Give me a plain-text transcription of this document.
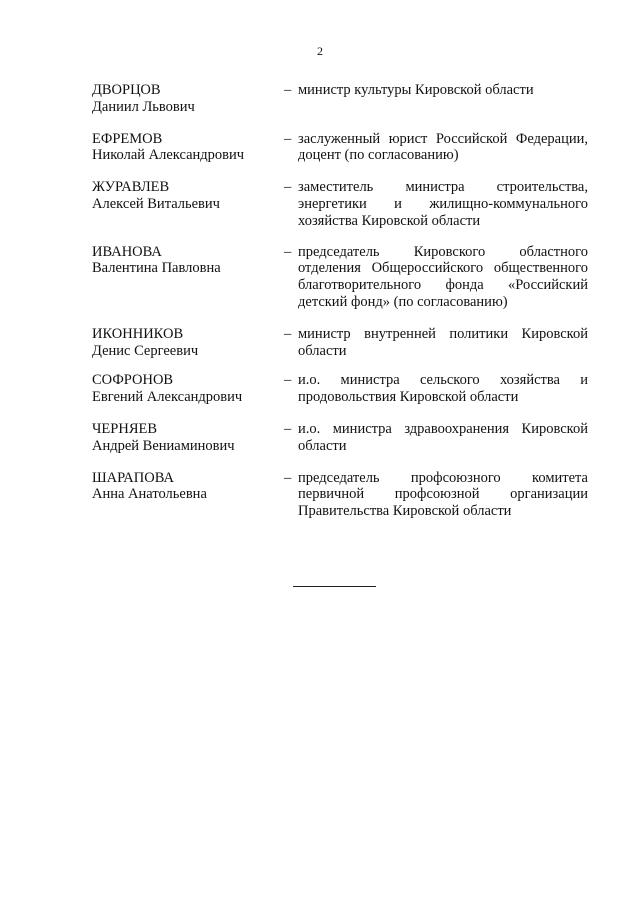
2
ДВОРЦОВ
Даниил Львович
– министр культуры Кировской области
ЕФРЕМОВ
Николай Александрович
– заслуженный юрист Российской Федерации,
доцент (по согласованию)
ЖУРАВЛЕВ
Алексей Витальевич
– заместитель министра строительства,
энергетики и жилищно-коммунального
хозяйства Кировской области
ИВАНОВА
Валентина Павловна
– председатель Кировского областного
отделения Общероссийского общественного
благотворительного фонда «Российский
детский фонд» (по согласованию)
ИКОННИКОВ
Денис Сергеевич
– министр внутренней политики Кировской
области
СОФРОНОВ
Евгений Александрович
– и.о. министра сельского хозяйства и
продовольствия Кировской области
ЧЕРНЯЕВ
Андрей Вениаминович
– и.о. министра здравоохранения Кировской
области
ШАРАПОВА
Анна Анатольевна
– председатель профсоюзного комитета
первичной профсоюзной организации
Правительства Кировской области
